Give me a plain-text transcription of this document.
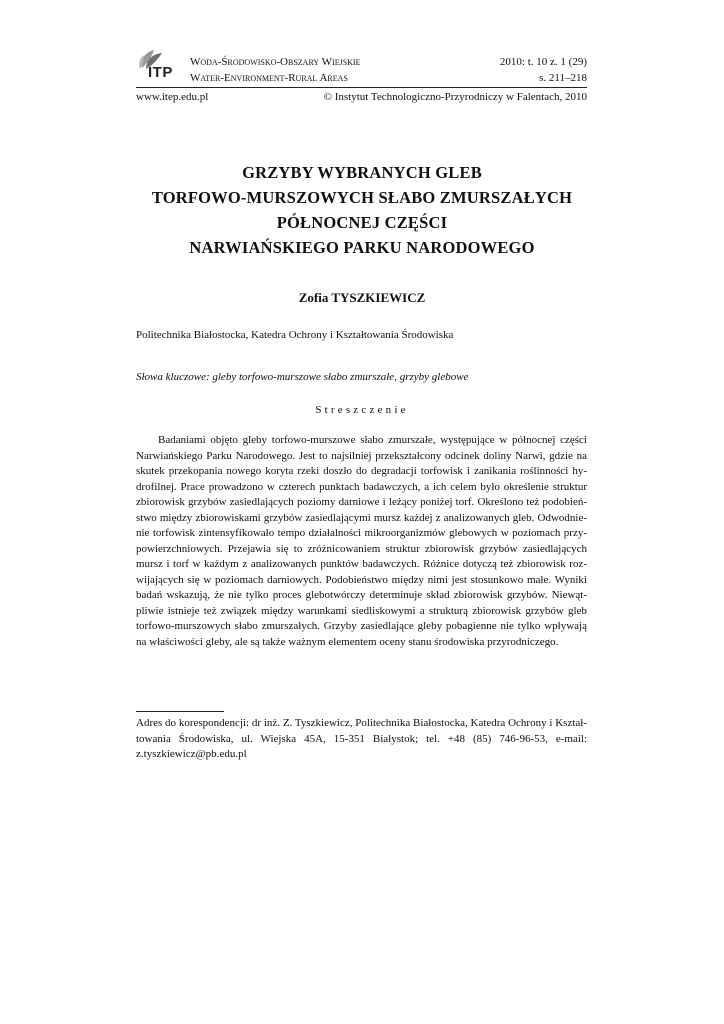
ITP
Woda-Środowisko-Obszary Wiejskie
Water-Environment-Rural Areas
2010: t. 10 z. 1 (29)
s. 211–218
www.itep.edu.pl	© Instytut Technologiczno-Przyrodniczy w Falentach, 2010
GRZYBY WYBRANYCH GLEB
TORFOWO-MURSZOWYCH SŁABO ZMURSZAŁYCH
PÓŁNOCNEJ CZĘŚCI
NARWIAŃSKIEGO PARKU NARODOWEGO
Zofia TYSZKIEWICZ
Politechnika Białostocka, Katedra Ochrony i Kształtowania Środowiska
Słowa kluczowe: gleby torfowo-murszowe słabo zmurszałe, grzyby glebowe
Streszczenie
Badaniami objęto gleby torfowo-murszowe słabo zmurszałe, występujące w północnej części
Narwiańskiego Parku Narodowego. Jest to najsilniej przekształcony odcinek doliny Narwi, gdzie na
skutek przekopania nowego koryta rzeki doszło do degradacji torfowisk i zanikania roślinności hy-
drofilnej. Prace prowadzono w czterech punktach badawczych, a ich celem było określenie struktur
zbiorowisk grzybów zasiedlających poziomy darniowe i leżący poniżej torf. Określono też podobień-
stwo między zbiorowiskami grzybów zasiedlającymi mursz każdej z analizowanych gleb. Odwodnie-
nie torfowisk zintensyfikowało tempo działalności mikroorganizmów glebowych w poziomach przy-
powierzchniowych. Przejawia się to zróżnicowaniem struktur zbiorowisk grzybów zasiedlających
mursz i torf w każdym z analizowanych punktów badawczych. Różnice dotyczą też zbiorowisk roz-
wijających się w poziomach darniowych. Podobieństwo między nimi jest stosunkowo małe. Wyniki
badań wskazują, że nie tylko proces glebotwórczy determinuje skład zbiorowisk grzybów. Niewąt-
pliwie istnieje też związek między warunkami siedliskowymi a strukturą zbiorowisk grzybów gleb
torfowo-murszowych słabo zmurszałych. Grzyby zasiedlające gleby pobagienne nie tylko wpływają
na właściwości gleby, ale są także ważnym elementem oceny stanu środowiska przyrodniczego.
Adres do korespondencji: dr inż. Z. Tyszkiewicz, Politechnika Białostocka, Katedra Ochrony i Kształ-
towania Środowiska, ul. Wiejska 45A, 15-351 Białystok; tel. +48 (85) 746-96-53, e-mail:
z.tyszkiewicz@pb.edu.pl
